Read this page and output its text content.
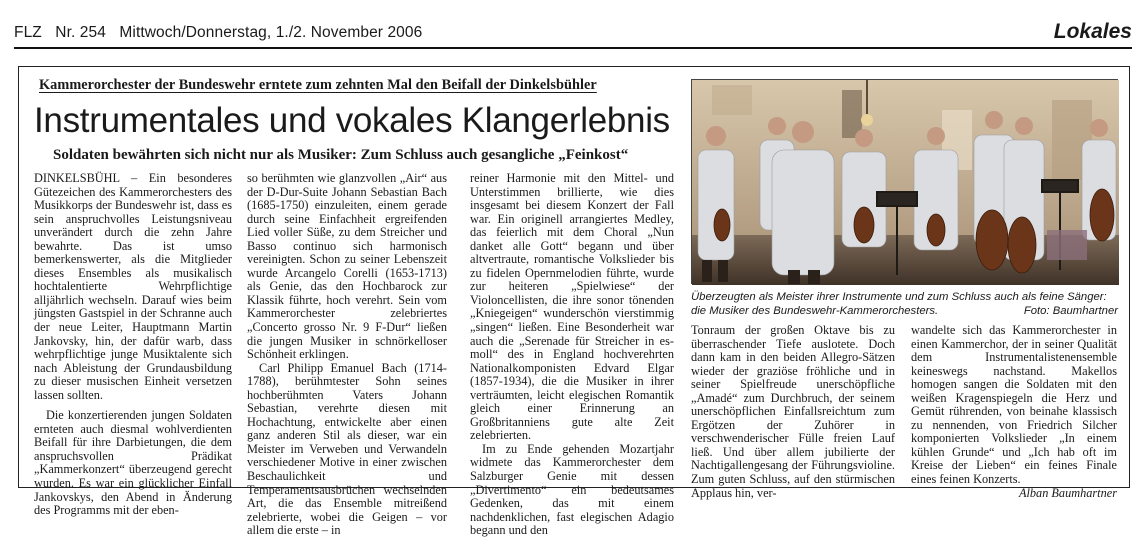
FLZ Nr. 254 Mittwoch/Donnerstag, 1./2. November 2006	Lokales
Kammerorchester der Bundeswehr erntete zum zehnten Mal den Beifall der Dinkelsbühler
Instrumentales und vokales Klangerlebnis
Soldaten bewährten sich nicht nur als Musiker: Zum Schluss auch gesangliche „Feinkost“

DINKELSBÜHL – Ein besonderes Gütezeichen des Kammerorchesters des Musikkorps der Bundeswehr ist, dass es sein anspruchvolles Leistungsniveau unverändert durch die zehn Jahre bewahrte. Das ist umso bemerkenswerter, als die Mitglieder dieses Ensembles als musikalisch hochtalentierte Wehrpflichtige alljährlich wechseln. Darauf wies beim jüngsten Gastspiel in der Schranne auch der neue Leiter, Hauptmann Martin Jankovsky, hin, der dafür warb, dass wehrpflichtige junge Musiktalente sich nach Ableistung der Grundausbildung zu dieser musischen Einheit versetzen lassen sollten.

Die konzertierenden jungen Soldaten ernteten auch diesmal wohlverdienten Beifall für ihre Darbietungen, die dem anspruchsvollen Prädikat „Kammerkonzert“ überzeugend gerecht wurden. Es war ein glücklicher Einfall Jankovskys, den Abend in Änderung des Programms mit der eben-

so berühmten wie glanzvollen „Air“ aus der D-Dur-Suite Johann Sebastian Bach (1685-1750) einzuleiten, einem gerade durch seine Einfachheit ergreifenden Lied voller Süße, zu dem Streicher und Basso continuo sich harmonisch vereinigten. Schon zu seiner Lebenszeit wurde Arcangelo Corelli (1653-1713) als Genie, das den Hochbarock zur Klassik führte, hoch verehrt. Sein vom Kammerorchester zelebriertes „Concerto grosso Nr. 9 F-Dur“ ließen die jungen Musiker in schnörkelloser Schönheit erklingen.

Carl Philipp Emanuel Bach (1714-1788), berühmtester Sohn seines hochberühmten Vaters Johann Sebastian, verehrte diesen mit Hochachtung, entwickelte aber einen ganz anderen Stil als dieser, war ein Meister im Verweben und Verwandeln verschiedener Motive in einer zwischen Beschaulichkeit und Temperamentsausbrüchen wechselnden Art, die das Ensemble mitreißend zelebrierte, wobei die Geigen – vor allem die erste – in

reiner Harmonie mit den Mittel- und Unterstimmen brillierte, wie dies insgesamt bei diesem Konzert der Fall war. Ein originell arrangiertes Medley, das feierlich mit dem Choral „Nun danket alle Gott“ begann und über altvertraute, romantische Volkslieder bis zu fidelen Opernmelodien führte, wurde zur heiteren „Spielwiese“ der Violoncellisten, die ihre sonor tönenden „Kniegeigen“ wunderschön vierstimmig „singen“ ließen. Eine Besonderheit war auch die „Serenade für Streicher in es-moll“ des in England hochverehrten Nationalkomponisten Edvard Elgar (1857-1934), die die Musiker in ihrer verträumten, leicht elegischen Romantik gleich einer Erinnerung an Großbritanniens gute alte Zeit zelebrierten.

Im zu Ende gehenden Mozartjahr widmete das Kammerorchester dem Salzburger Genie mit dessen „Divertimento“ ein bedeutsames Gedenken, das mit einem nachdenklichen, fast elegischen Adagio begann und den

Tonraum der großen Oktave bis zu überraschender Tiefe auslotete. Doch dann kam in den beiden Allegro-Sätzen wieder der graziöse fröhliche und in seiner Spielfreude unerschöpfliche „Amadé“ zum Durchbruch, der seinem unerschöpflichen Einfallsreichtum zum Ergötzen der Zuhörer in verschwenderischer Fülle freien Lauf ließ. Und über allem jubilierte der Nachtigallengesang der Führungsvioline. Zum guten Schluss, auf den stürmischen Applaus hin, ver-

wandelte sich das Kammerorchester in einen Kammerchor, der in seiner Qualität dem Instrumentalistenensemble keineswegs nachstand. Makellos homogen sangen die Soldaten mit den weißen Kragenspiegeln die Herz und Gemüt rührenden, von beinahe klassisch zu nennenden, von Friedrich Silcher komponierten Volkslieder „In einem kühlen Grunde“ und „Ich hab oft im Kreise der Lieben“ ein feines Finale eines feinen Konzerts.

Alban Baumhartner

Überzeugten als Meister ihrer Instrumente und zum Schluss auch als feine Sänger: die Musiker des Bundeswehr-Kammerorchesters.	Foto: Baumhartner
